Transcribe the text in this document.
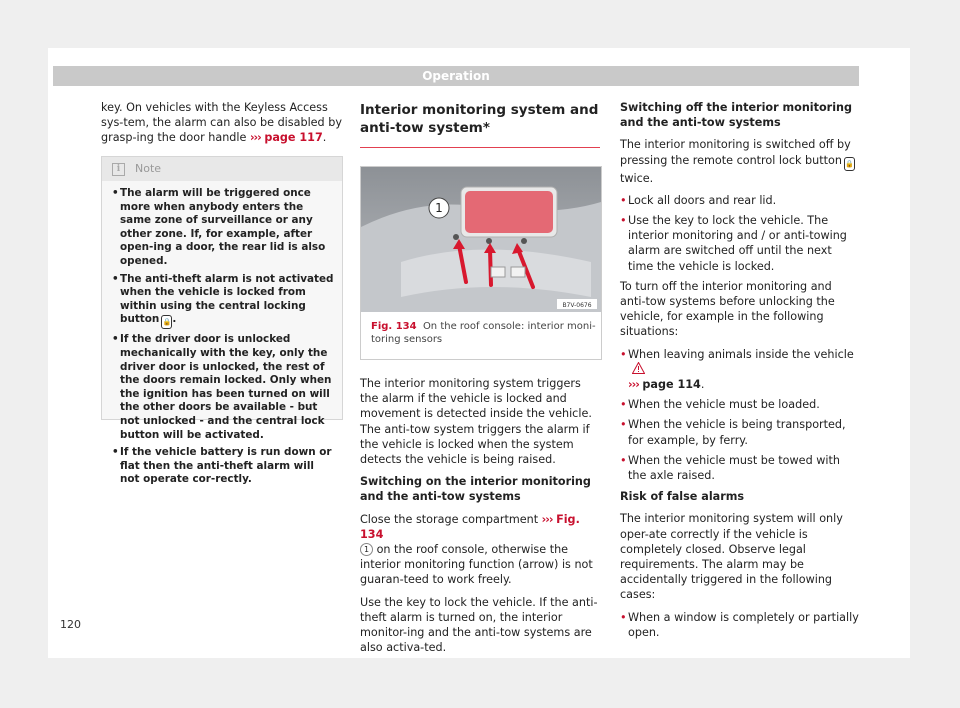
Operation

key. On vehicles with the Keyless Access sys-tem, the alarm can also be disabled by grasp-ing the door handle ››› page 117.

i	Note
• The alarm will be triggered once more when anybody enters the same zone of surveillance or any other zone. If, for example, after open-ing a door, the rear lid is also opened.
• The anti-theft alarm is not activated when the vehicle is locked from within using the central locking button 🔒.
• If the driver door is unlocked mechanically with the key, only the driver door is unlocked, the rest of the doors remain locked. Only when the ignition has been turned on will the other doors be available - but not unlocked - and the central lock button will be activated.
• If the vehicle battery is run down or flat then the anti-theft alarm will not operate cor-rectly.
Interior monitoring system and anti-tow system*
1
B7V-0676
Fig. 134 On the roof console: interior moni-toring sensors

The interior monitoring system triggers the alarm if the vehicle is locked and movement is detected inside the vehicle. The anti-tow system triggers the alarm if the vehicle is locked when the system detects the vehicle is being raised.

Switching on the interior monitoring and the anti-tow systems

Close the storage compartment ››› Fig. 134
1 on the roof console, otherwise the interior monitoring function (arrow) is not guaran-teed to work freely.

Use the key to lock the vehicle. If the anti-theft alarm is turned on, the interior monitor-ing and the anti-tow systems are also activa-ted.

Switching off the interior monitoring and the anti-tow systems

The interior monitoring is switched off by pressing the remote control lock button 🔒
twice.

• Lock all doors and rear lid.
• Use the key to lock the vehicle. The interior monitoring and / or anti-towing alarm are switched off until the next time the vehicle is locked.

To turn off the interior monitoring and anti-tow systems before unlocking the vehicle, for example in the following situations:

• When leaving animals inside the vehicle
››› page 114.
• When the vehicle must be loaded.
• When the vehicle is being transported, for example, by ferry.
• When the vehicle must be towed with the axle raised.

Risk of false alarms

The interior monitoring system will only oper-ate correctly if the vehicle is completely closed. Observe legal requirements. The alarm may be accidentally triggered in the following cases:

• When a window is completely or partially open.
120
